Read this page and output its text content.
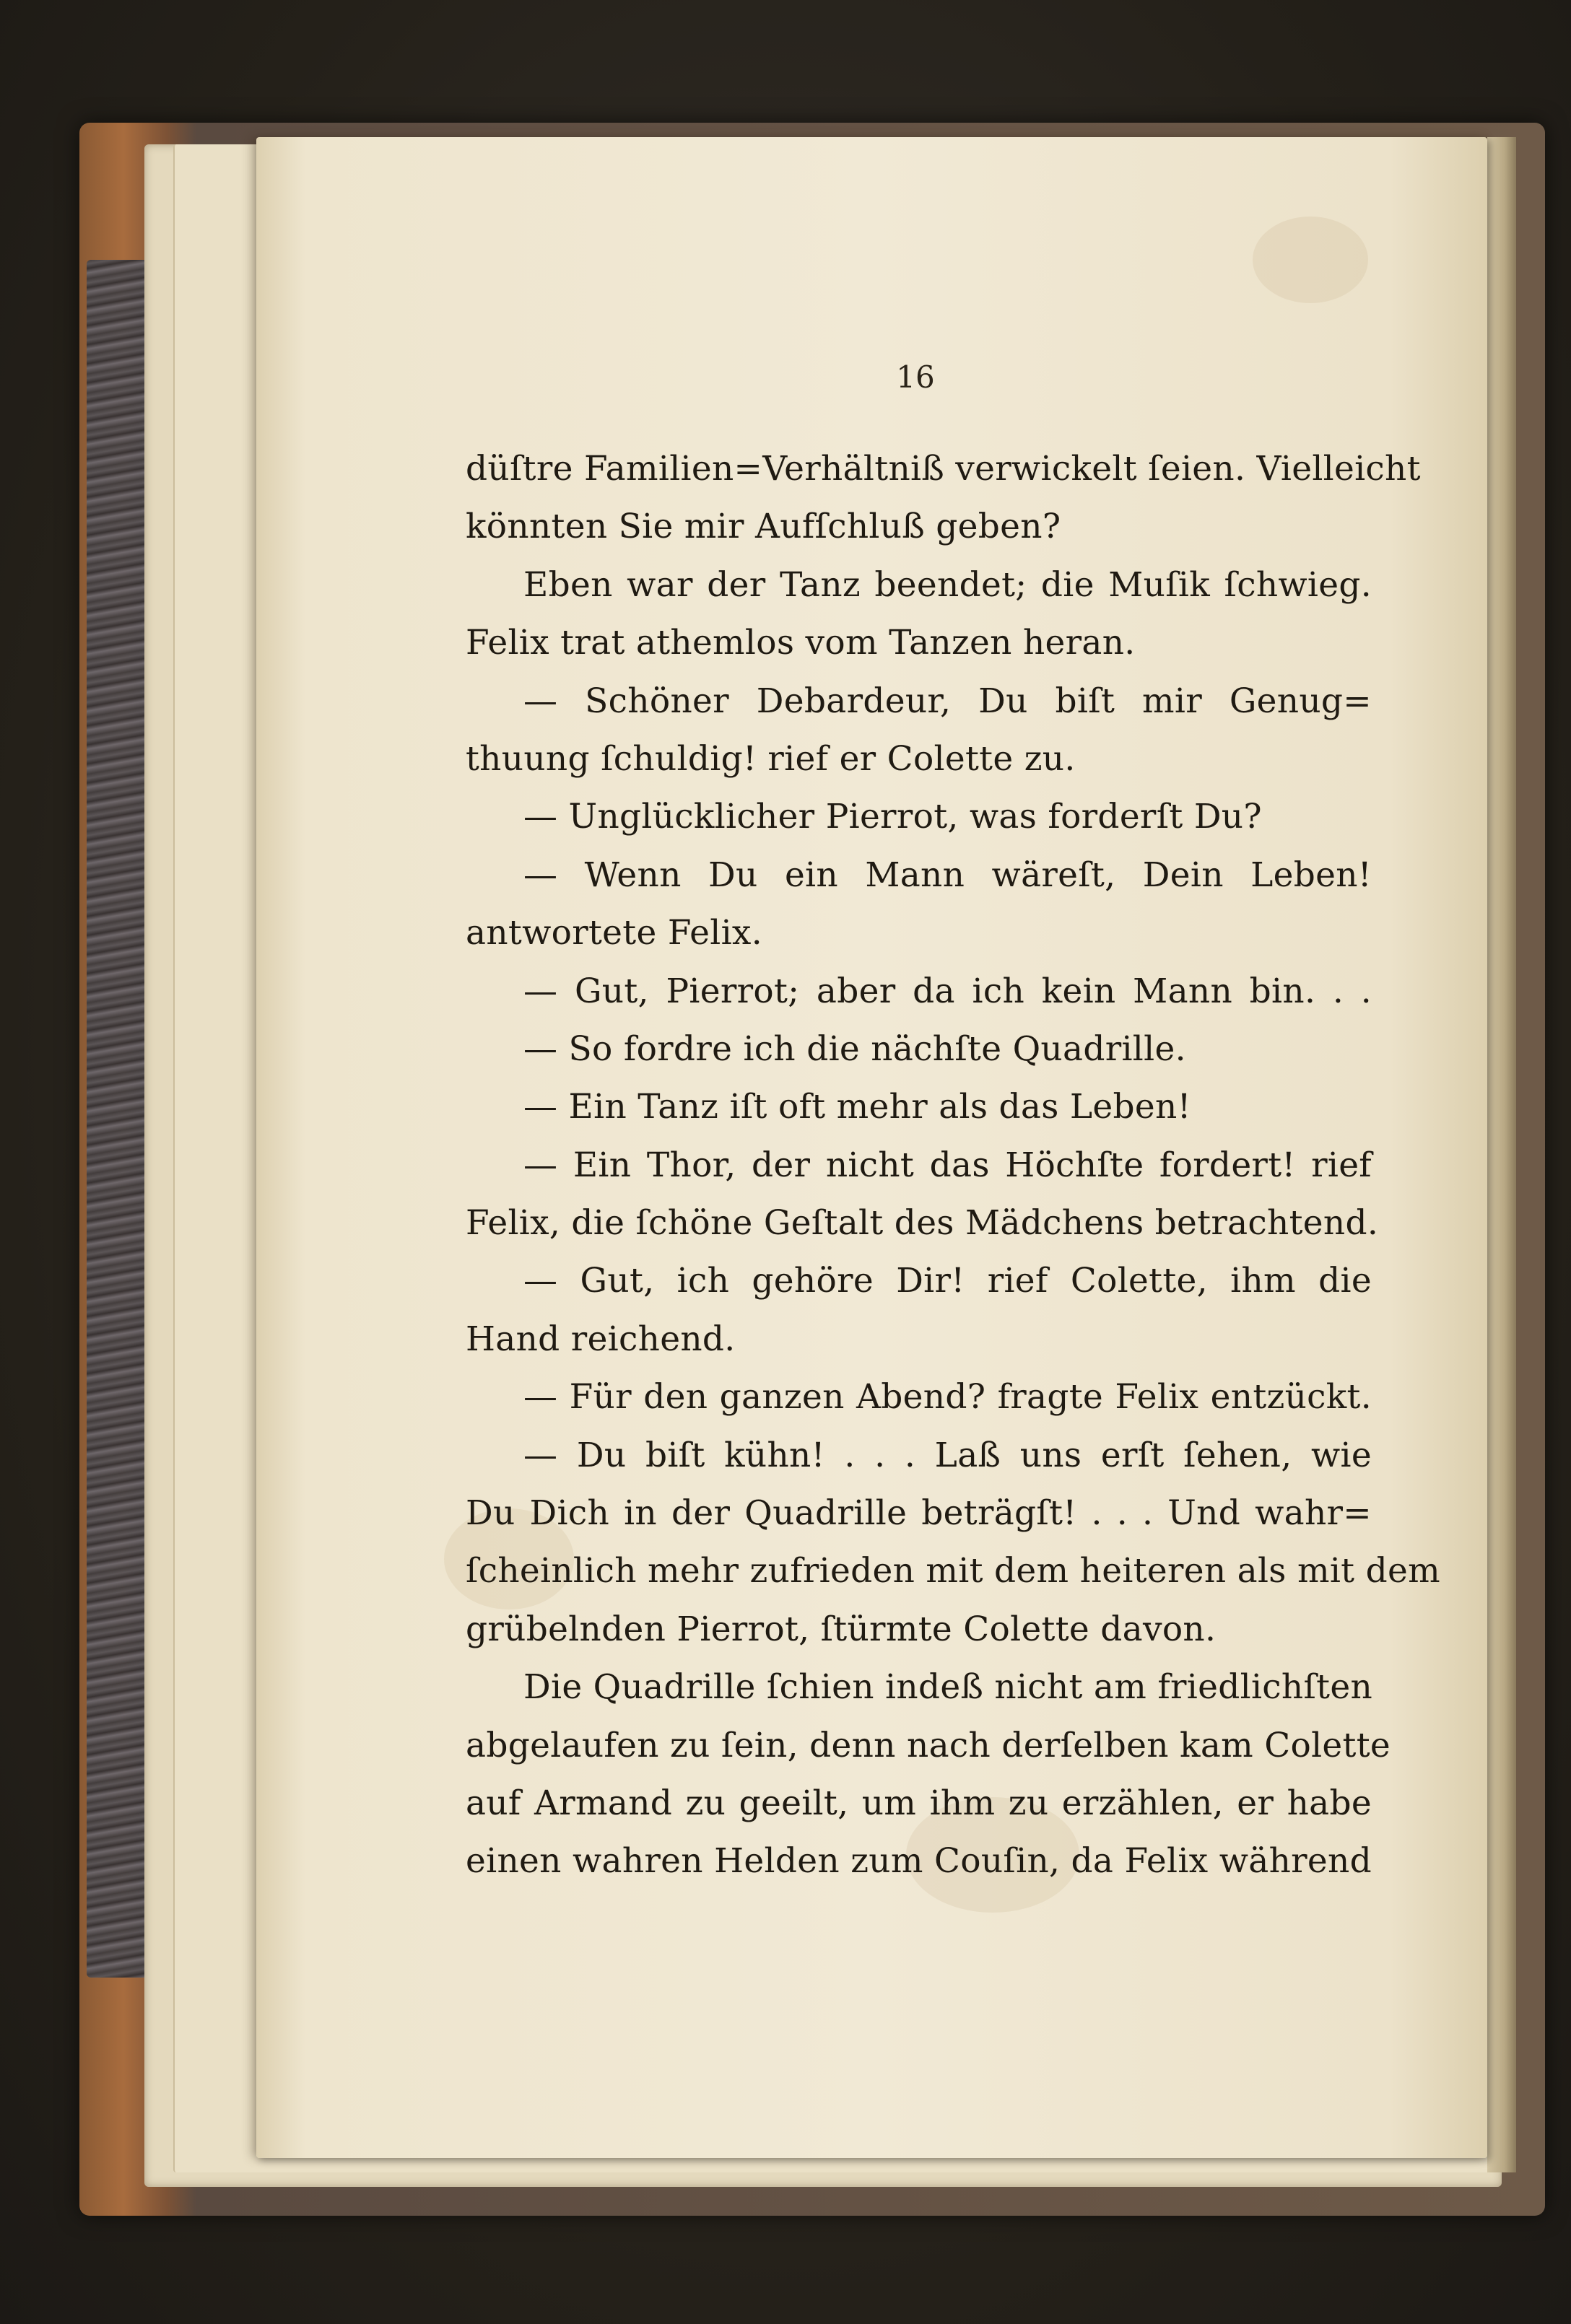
16
düſtre Familien=Verhältniß verwickelt ſeien. Vielleicht
könnten Sie mir Aufſchluß geben?
Eben war der Tanz beendet; die Muſik ſchwieg.
Felix trat athemlos vom Tanzen heran.
— Schöner Debardeur, Du biſt mir Genug=
thuung ſchuldig! rief er Colette zu.
— Unglücklicher Pierrot, was forderſt Du?
— Wenn Du ein Mann wäreſt, Dein Leben!
antwortete Felix.
— Gut, Pierrot; aber da ich kein Mann bin. . .
— So fordre ich die nächſte Quadrille.
— Ein Tanz iſt oft mehr als das Leben!
— Ein Thor, der nicht das Höchſte fordert! rief
Felix, die ſchöne Geſtalt des Mädchens betrachtend.
— Gut, ich gehöre Dir! rief Colette, ihm die
Hand reichend.
— Für den ganzen Abend? fragte Felix entzückt.
— Du biſt kühn! . . . Laß uns erſt ſehen, wie
Du Dich in der Quadrille beträgſt! . . . Und wahr=
ſcheinlich mehr zufrieden mit dem heiteren als mit dem
grübelnden Pierrot, ſtürmte Colette davon.
Die Quadrille ſchien indeß nicht am friedlichſten
abgelaufen zu ſein, denn nach derſelben kam Colette
auf Armand zu geeilt, um ihm zu erzählen, er habe
einen wahren Helden zum Couſin, da Felix während
